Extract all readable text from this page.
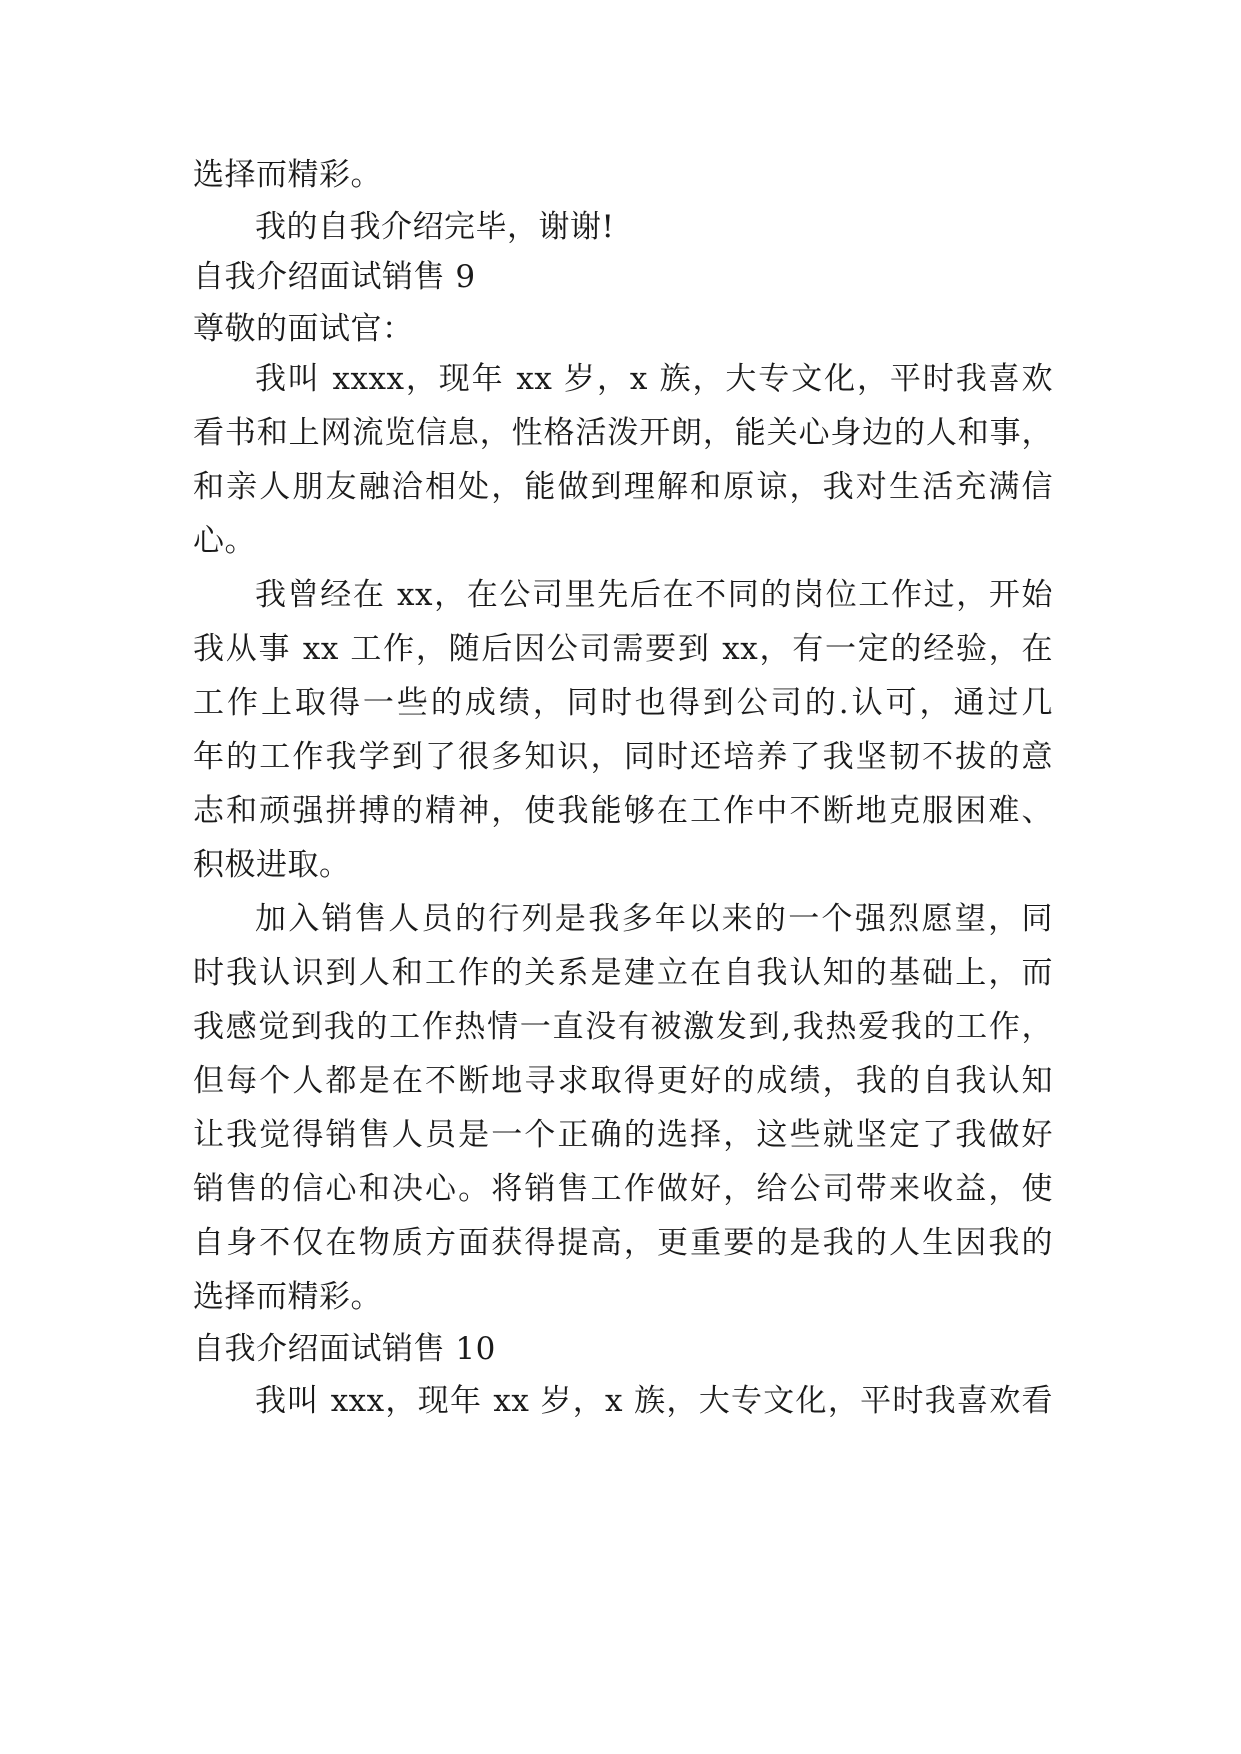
选择而精彩。
我的自我介绍完毕，谢谢!
自我介绍面试销售 9
尊敬的面试官：
我叫 xxxx，现年 xx 岁，x 族，大专文化，平时我喜欢
看书和上网流览信息，性格活泼开朗，能关心身边的人和事，
和亲人朋友融洽相处，能做到理解和原谅，我对生活充满信
心。
我曾经在 xx，在公司里先后在不同的岗位工作过，开始
我从事 xx 工作，随后因公司需要到 xx，有一定的经验，在
工作上取得一些的成绩，同时也得到公司的.认可，通过几
年的工作我学到了很多知识，同时还培养了我坚韧不拔的意
志和顽强拼搏的精神，使我能够在工作中不断地克服困难、
积极进取。
加入销售人员的行列是我多年以来的一个强烈愿望，同
时我认识到人和工作的关系是建立在自我认知的基础上，而
我感觉到我的工作热情一直没有被激发到,我热爱我的工作，
但每个人都是在不断地寻求取得更好的成绩，我的自我认知
让我觉得销售人员是一个正确的选择，这些就坚定了我做好
销售的信心和决心。将销售工作做好，给公司带来收益，使
自身不仅在物质方面获得提高，更重要的是我的人生因我的
选择而精彩。
自我介绍面试销售 10
我叫 xxx，现年 xx 岁，x 族，大专文化，平时我喜欢看
